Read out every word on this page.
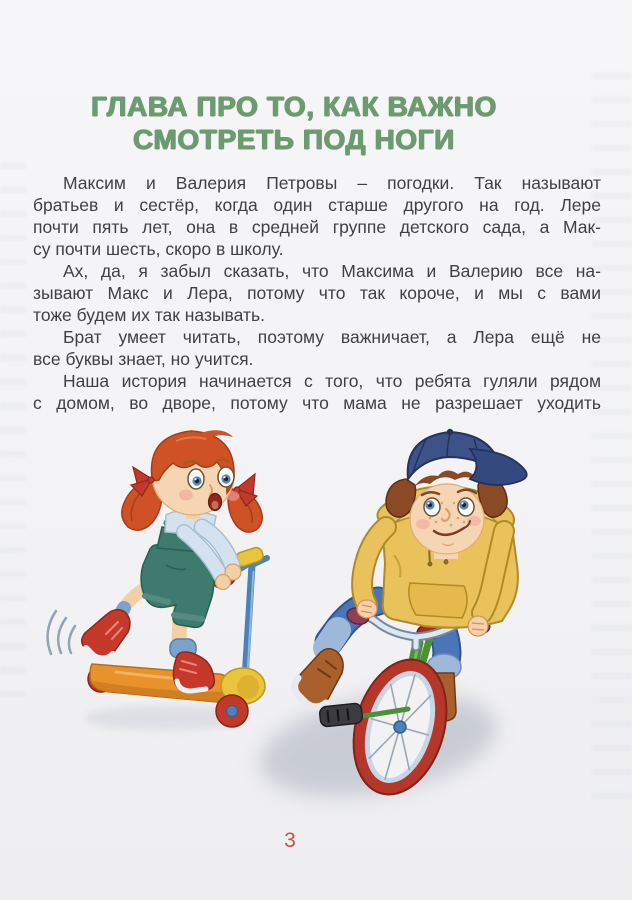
ГЛАВА ПРО ТО, КАК ВАЖНО
СМОТРЕТЬ ПОД НОГИ
Максим и Валерия Петровы – погодки. Так называют
братьев и сестёр, когда один старше другого на год. Лере
почти пять лет, она в средней группе детского сада, а Мак-
су почти шесть, скоро в школу.
Ах, да, я забыл сказать, что Максима и Валерию все на-
зывают Макс и Лера, потому что так короче, и мы с вами
тоже будем их так называть.
Брат умеет читать, поэтому важничает, а Лера ещё не
все буквы знает, но учится.
Наша история начинается с того, что ребята гуляли рядом
с домом, во дворе, потому что мама не разрешает уходить
3
